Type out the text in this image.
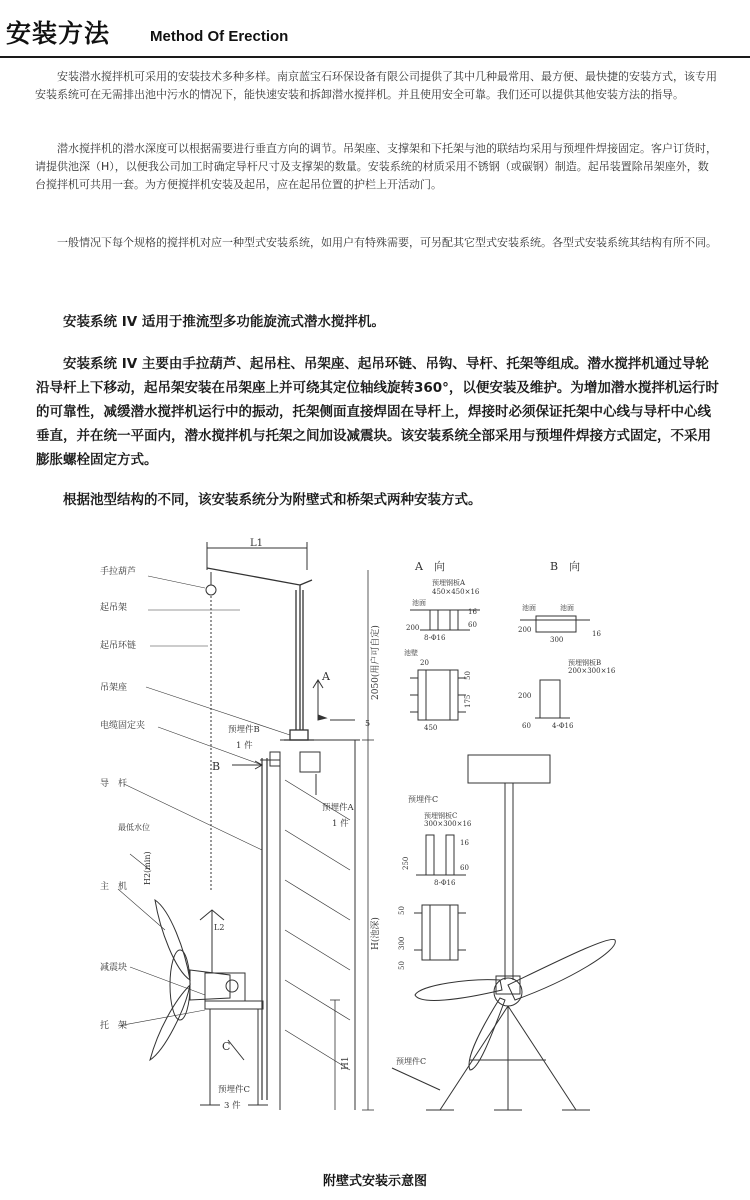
安装方法	Method Of Erection

安装潜水搅拌机可采用的安装技术多种多样。南京蓝宝石环保设备有限公司提供了其中几种最常用、最方便、最快捷的安装方式，该专用安装系统可在无需排出池中污水的情况下，能快速安装和拆卸潜水搅拌机。并且使用安全可靠。我们还可以提供其他安装方法的指导。

潜水搅拌机的潜水深度可以根据需要进行垂直方向的调节。吊架座、支撑架和下托架与池的联结均采用与预埋件焊接固定。客户订货时，请提供池深（H），以便我公司加工时确定导杆尺寸及支撑架的数量。安装系统的材质采用不锈钢（或碳钢）制造。起吊装置除吊架座外，数台搅拌机可共用一套。为方便搅拌机安装及起吊，应在起吊位置的护栏上开活动门。

一般情况下每个规格的搅拌机对应一种型式安装系统，如用户有特殊需要，可另配其它型式安装系统。各型式安装系统其结构有所不同。

安装系统 IV 适用于推流型多功能旋流式潜水搅拌机。

安装系统 IV 主要由手拉葫芦、起吊柱、吊架座、起吊环链、吊钩、导杆、托架等组成。潜水搅拌机通过导轮沿导杆上下移动，起吊架安装在吊架座上并可绕其定位轴线旋转360°，以便安装及维护。为增加潜水搅拌机运行时的可靠性，减缓潜水搅拌机运行中的振动，托架侧面直接焊固在导杆上，焊接时必须保证托架中心线与导杆中心线垂直，并在统一平面内，潜水搅拌机与托架之间加设减震块。该安装系统全部采用与预埋件焊接方式固定，不采用膨胀螺栓固定方式。

根据池型结构的不同，该安装系统分为附壁式和桥架式两种安装方式。

L1
A
5
B
C
2050(用户可自定)
H(池深)
H1
H2(min)
L2
手拉葫芦
起吊架
起吊环链
吊架座
电缆固定夹
导　杆
最低水位
主　机
减震块
托　架
预埋件B
1 件
预埋件A
1 件
预埋件C
3 件
A　向
预埋钢板A
450×450×16
池面
200	60
16
8-Φ16
池壁
20
50
175
450
B　向
池面	池面
200
300
16
预埋钢板B
200×300×16
200
60	4-Φ16
预埋件C
预埋件C
预埋钢板C
300×300×16
250
16
60
8-Φ16
50
300
50
附壁式安装示意图
